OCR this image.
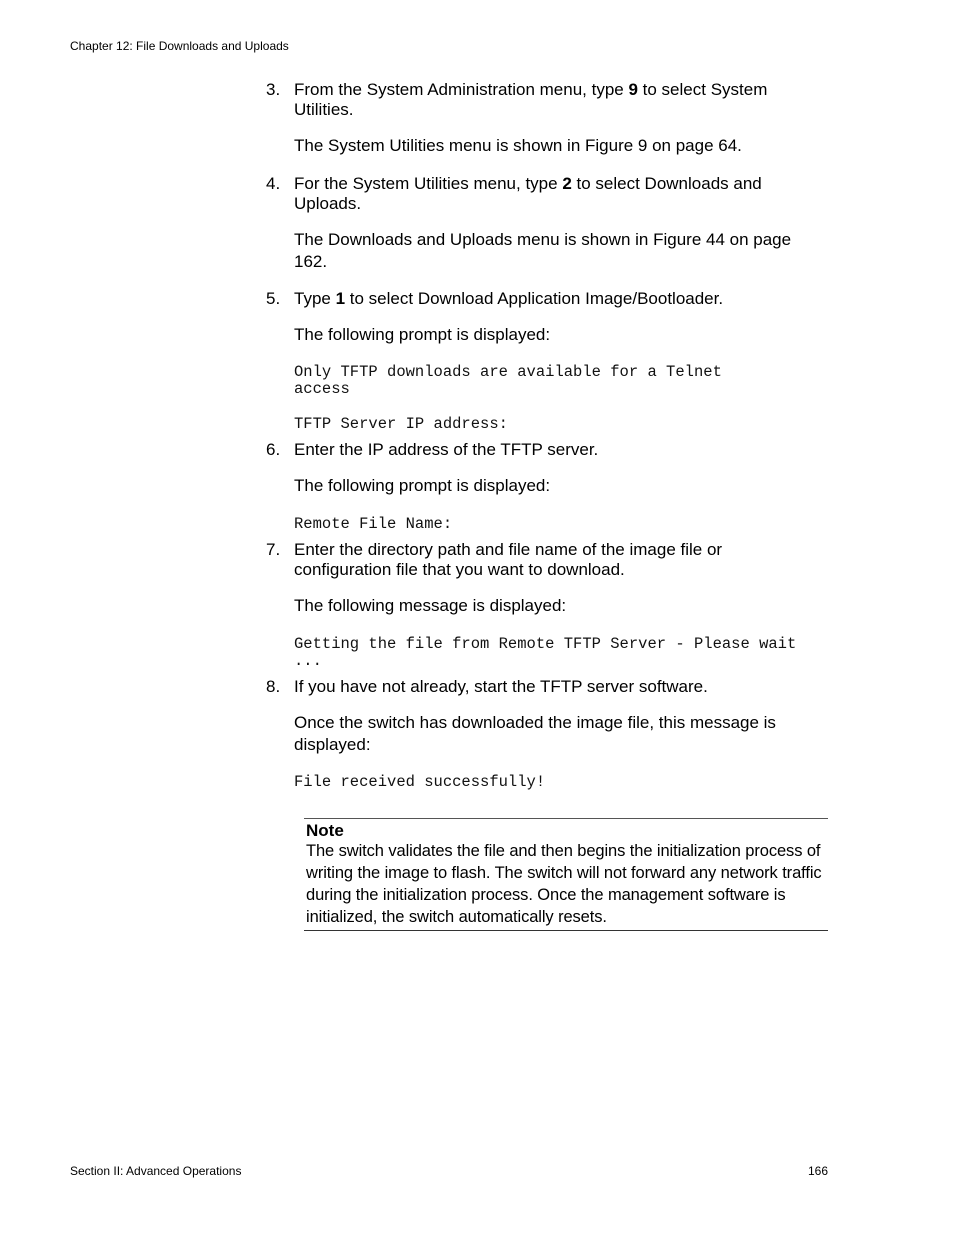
Chapter 12: File Downloads and Uploads
3. From the System Administration menu, type 9 to select System Utilities.
The System Utilities menu is shown in Figure 9 on page 64.
4. For the System Utilities menu, type 2 to select Downloads and Uploads.
The Downloads and Uploads menu is shown in Figure 44 on page 162.
5. Type 1 to select Download Application Image/Bootloader.
The following prompt is displayed:
Only TFTP downloads are available for a Telnet access
TFTP Server IP address:
6. Enter the IP address of the TFTP server.
The following prompt is displayed:
Remote File Name:
7. Enter the directory path and file name of the image file or configuration file that you want to download.
The following message is displayed:
Getting the file from Remote TFTP Server - Please wait ...
8. If you have not already, start the TFTP server software.
Once the switch has downloaded the image file, this message is displayed:
File received successfully!
Note
The switch validates the file and then begins the initialization process of writing the image to flash. The switch will not forward any network traffic during the initialization process. Once the management software is initialized, the switch automatically resets.
Section II: Advanced Operations	166
